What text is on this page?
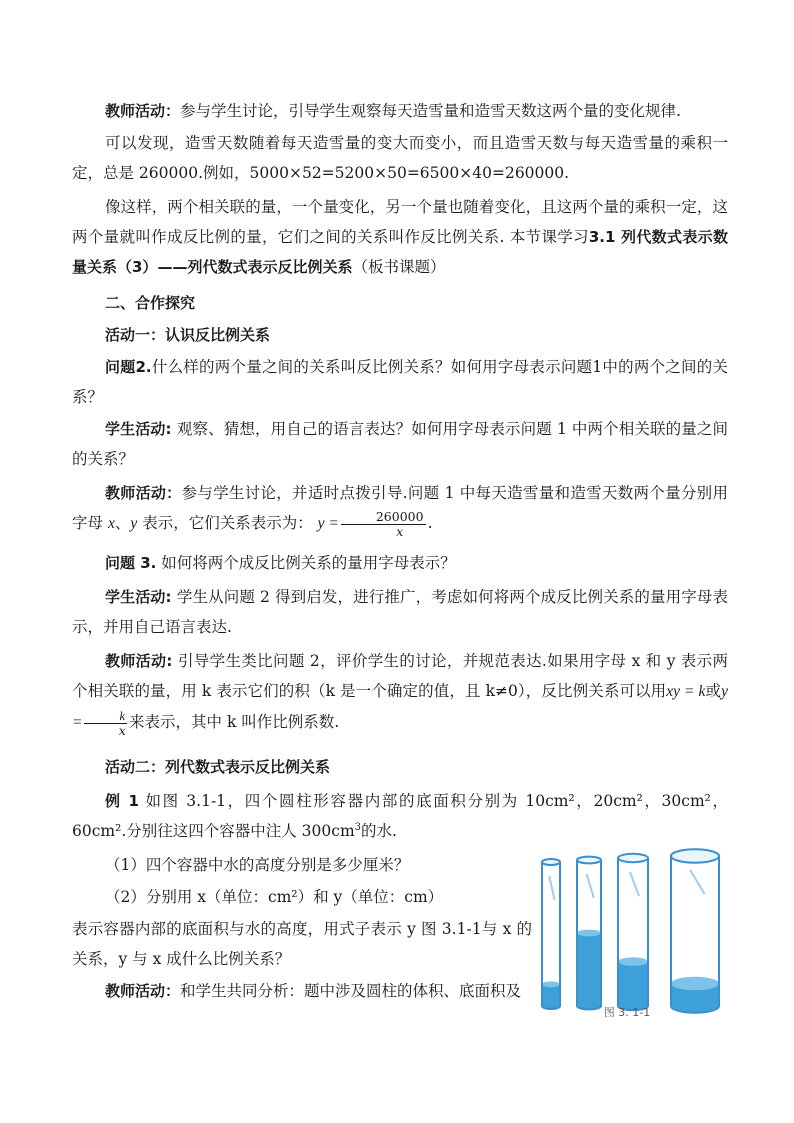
教师活动：参与学生讨论，引导学生观察每天造雪量和造雪天数这两个量的变化规律.

可以发现，造雪天数随着每天造雪量的变大而变小，而且造雪天数与每天造雪量的乘积一定，总是 260000.例如，5000×52=5200×50=6500×40=260000.

像这样，两个相关联的量，一个量变化，另一个量也随着变化，且这两个量的乘积一定，这两个量就叫作成反比例的量，它们之间的关系叫作反比例关系. 本节课学习3.1 列代数式表示数量关系（3）——列代数式表示反比例关系（板书课题）

二、合作探究

活动一：认识反比例关系

问题2.什么样的两个量之间的关系叫反比例关系？如何用字母表示问题1中的两个之间的关系？

学生活动: 观察、猜想，用自己的语言表达？如何用字母表示问题 1 中两个相关联的量之间的关系？

教师活动：参与学生讨论，并适时点拨引导.问题 1 中每天造雪量和造雪天数两个量分别用字母 x、y 表示，它们关系表示为： $y = \frac{260000}{x}$ .

问题 3. 如何将两个成反比例关系的量用字母表示？

学生活动: 学生从问题 2 得到启发，进行推广，考虑如何将两个成反比例关系的量用字母表示，并用自己语言表达.

教师活动: 引导学生类比问题 2，评价学生的讨论，并规范表达.如果用字母 x 和 y 表示两个相关联的量，用 k 表示它们的积（k 是一个确定的值，且 k≠0），反比例关系可以用xy = k或$y = \frac{k}{x}$ 来表示，其中 k 叫作比例系数.

活动二：列代数式表示反比例关系

例 1 如图 3.1-1，四个圆柱形容器内部的底面积分别为 10cm²，20cm²，30cm²，60cm².分别往这四个容器中注人 $300cm^3$的水.

（1）四个容器中水的高度分别是多少厘米？

（2）分别用 x（单位：cm²）和 y（单位：cm）

表示容器内部的底面积与水的高度，用式子表示 y 图 3.1-1与 x 的关系，y 与 x 成什么比例关系？

教师活动：和学生共同分析：题中涉及圆柱的体积、底面积及

图 3. 1-1
